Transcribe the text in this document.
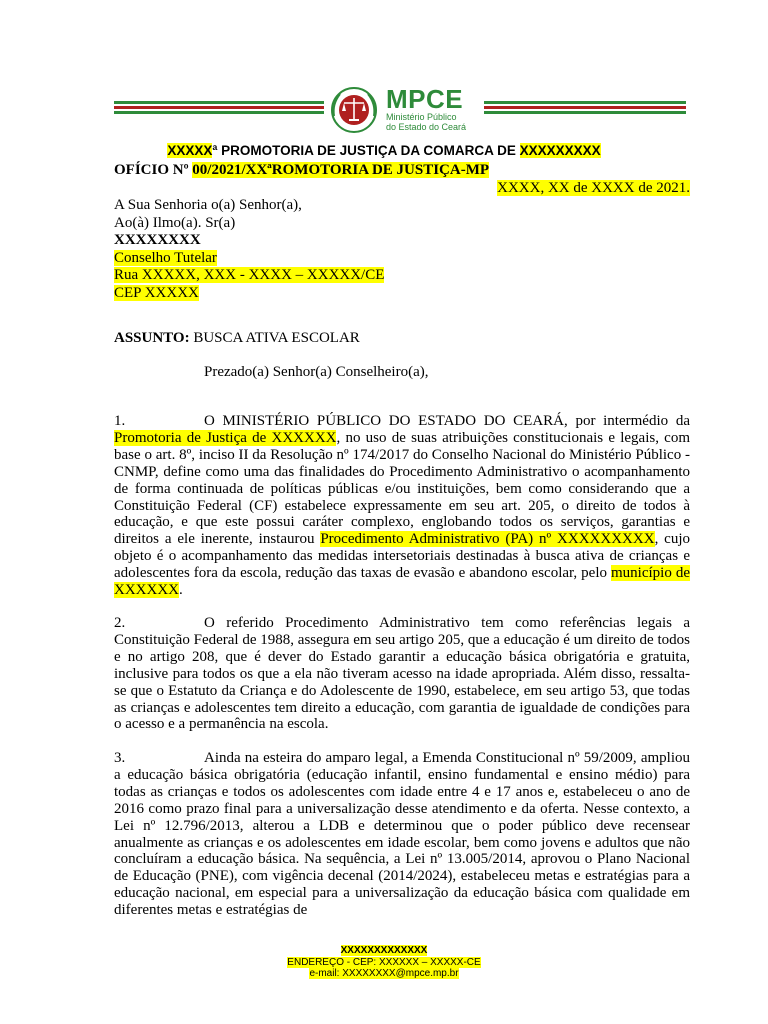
MPCE
Ministério Público
do Estado do Ceará
XXXXXª PROMOTORIA DE JUSTIÇA DA COMARCA DE XXXXXXXXX
OFÍCIO Nº 00/2021/XXªROMOTORIA DE JUSTIÇA-MP
XXXX, XX de XXXX de 2021.
A Sua Senhoria o(a) Senhor(a),
Ao(à) Ilmo(a). Sr(a)
XXXXXXXX
Conselho Tutelar
Rua XXXXX, XXX - XXXX – XXXXX/CE
CEP XXXXX
ASSUNTO: BUSCA ATIVA ESCOLAR
Prezado(a) Senhor(a) Conselheiro(a),
1.	O MINISTÉRIO PÚBLICO DO ESTADO DO CEARÁ, por intermédio da Promotoria de Justiça de XXXXXX, no uso de suas atribuições constitucionais e legais, com base o art. 8º, inciso II da Resolução nº 174/2017 do Conselho Nacional do Ministério Público - CNMP, define como uma das finalidades do Procedimento Administrativo o acompanhamento de forma continuada de políticas públicas e/ou instituições, bem como considerando que a Constituição Federal (CF) estabelece expressamente em seu art. 205, o direito de todos à educação, e que este possui caráter complexo, englobando todos os serviços, garantias e direitos a ele inerente, instaurou Procedimento Administrativo (PA) nº XXXXXXXXX, cujo objeto é o acompanhamento das medidas intersetoriais destinadas à busca ativa de crianças e adolescentes fora da escola, redução das taxas de evasão e abandono escolar, pelo município de XXXXXX.
2.	O referido Procedimento Administrativo tem como referências legais a Constituição Federal de 1988, assegura em seu artigo 205, que a educação é um direito de todos e no artigo 208, que é dever do Estado garantir a educação básica obrigatória e gratuita, inclusive para todos os que a ela não tiveram acesso na idade apropriada. Além disso, ressalta-se que o Estatuto da Criança e do Adolescente de 1990, estabelece, em seu artigo 53, que todas as crianças e adolescentes tem direito a educação, com garantia de igualdade de condições para o acesso e a permanência na escola.
3.	Ainda na esteira do amparo legal, a Emenda Constitucional nº 59/2009, ampliou a educação básica obrigatória (educação infantil, ensino fundamental e ensino médio) para todas as crianças e todos os adolescentes com idade entre 4 e 17 anos e, estabeleceu o ano de 2016 como prazo final para a universalização desse atendimento e da oferta. Nesse contexto, a Lei nº 12.796/2013, alterou a LDB e determinou que o poder público deve recensear anualmente as crianças e os adolescentes em idade escolar, bem como jovens e adultos que não concluíram a educação básica. Na sequência, a Lei nº 13.005/2014, aprovou o Plano Nacional de Educação (PNE), com vigência decenal (2014/2024), estabeleceu metas e estratégias para a educação nacional, em especial para a universalização da educação básica com qualidade em diferentes metas e estratégias de
XXXXXXXXXXXXX
ENDEREÇO - CEP: XXXXXX – XXXXX-CE
e-mail: XXXXXXXX@mpce.mp.br
